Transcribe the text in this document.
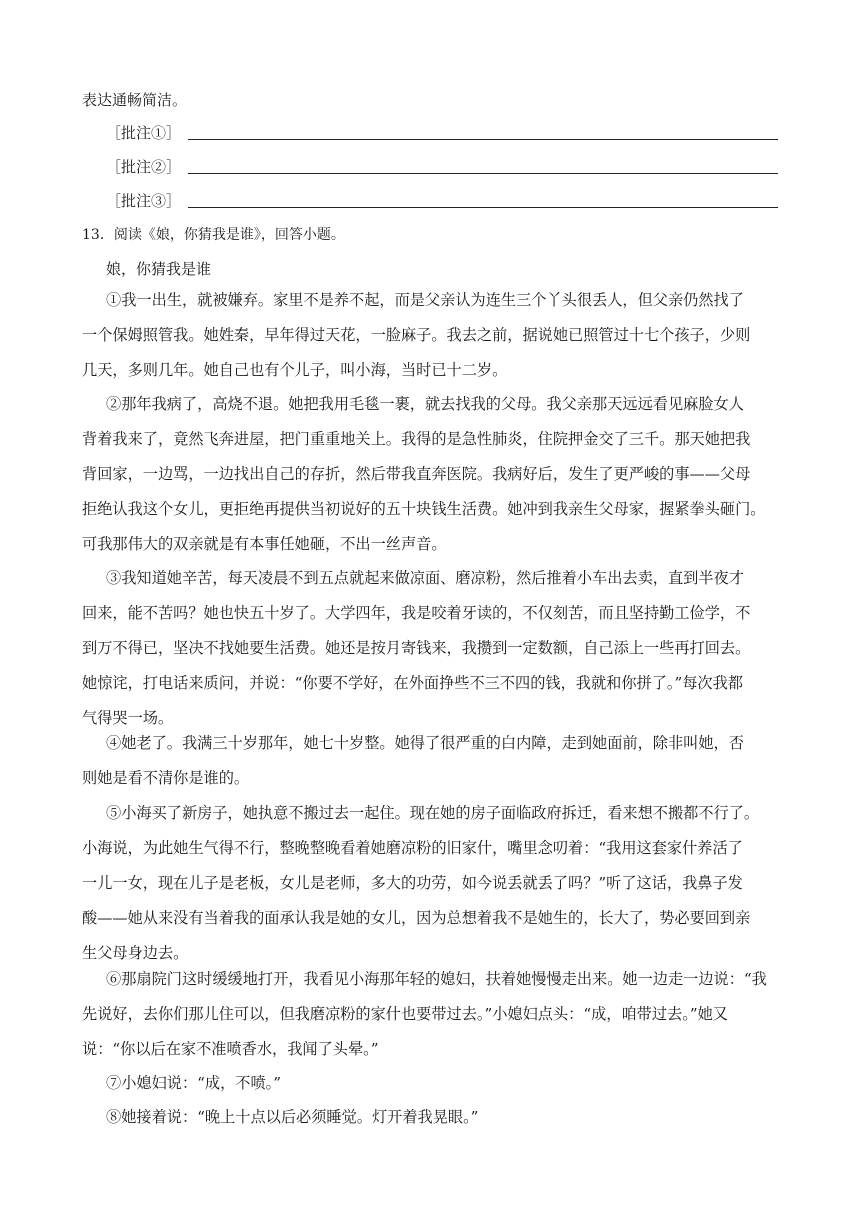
表达通畅简洁。
［批注①］
［批注②］
［批注③］
13．阅读《娘，你猜我是谁》，回答小题。
娘，你猜我是谁
①我一出生，就被嫌弃。家里不是养不起，而是父亲认为连生三个丫头很丢人，但父亲仍然找了
一个保姆照管我。她姓秦，早年得过天花，一脸麻子。我去之前，据说她已照管过十七个孩子，少则
几天，多则几年。她自己也有个儿子，叫小海，当时已十二岁。
②那年我病了，高烧不退。她把我用毛毯一裹，就去找我的父母。我父亲那天远远看见麻脸女人
背着我来了，竟然飞奔进屋，把门重重地关上。我得的是急性肺炎，住院押金交了三千。那天她把我
背回家，一边骂，一边找出自己的存折，然后带我直奔医院。我病好后，发生了更严峻的事——父母
拒绝认我这个女儿，更拒绝再提供当初说好的五十块钱生活费。她冲到我亲生父母家，握紧拳头砸门。
可我那伟大的双亲就是有本事任她砸，不出一丝声音。
③我知道她辛苦，每天凌晨不到五点就起来做凉面、磨凉粉，然后推着小车出去卖，直到半夜才
回来，能不苦吗？她也快五十岁了。大学四年，我是咬着牙读的，不仅刻苦，而且坚持勤工俭学，不
到万不得已，坚决不找她要生活费。她还是按月寄钱来，我攒到一定数额，自己添上一些再打回去。
她惊诧，打电话来质问，并说：“你要不学好，在外面挣些不三不四的钱，我就和你拼了。”每次我都
气得哭一场。
④她老了。我满三十岁那年，她七十岁整。她得了很严重的白内障，走到她面前，除非叫她，否
则她是看不清你是谁的。
⑤小海买了新房子，她执意不搬过去一起住。现在她的房子面临政府拆迁，看来想不搬都不行了。
小海说，为此她生气得不行，整晚整晚看着她磨凉粉的旧家什，嘴里念叨着：“我用这套家什养活了
一儿一女，现在儿子是老板，女儿是老师，多大的功劳，如今说丢就丢了吗？”听了这话，我鼻子发
酸——她从来没有当着我的面承认我是她的女儿，因为总想着我不是她生的，长大了，势必要回到亲
生父母身边去。
⑥那扇院门这时缓缓地打开，我看见小海那年轻的媳妇，扶着她慢慢走出来。她一边走一边说：“我
先说好，去你们那儿住可以，但我磨凉粉的家什也要带过去。”小媳妇点头：“成，咱带过去。”她又
说：“你以后在家不准喷香水，我闻了头晕。”
⑦小媳妇说：“成，不喷。”
⑧她接着说：“晚上十点以后必须睡觉。灯开着我晃眼。”
